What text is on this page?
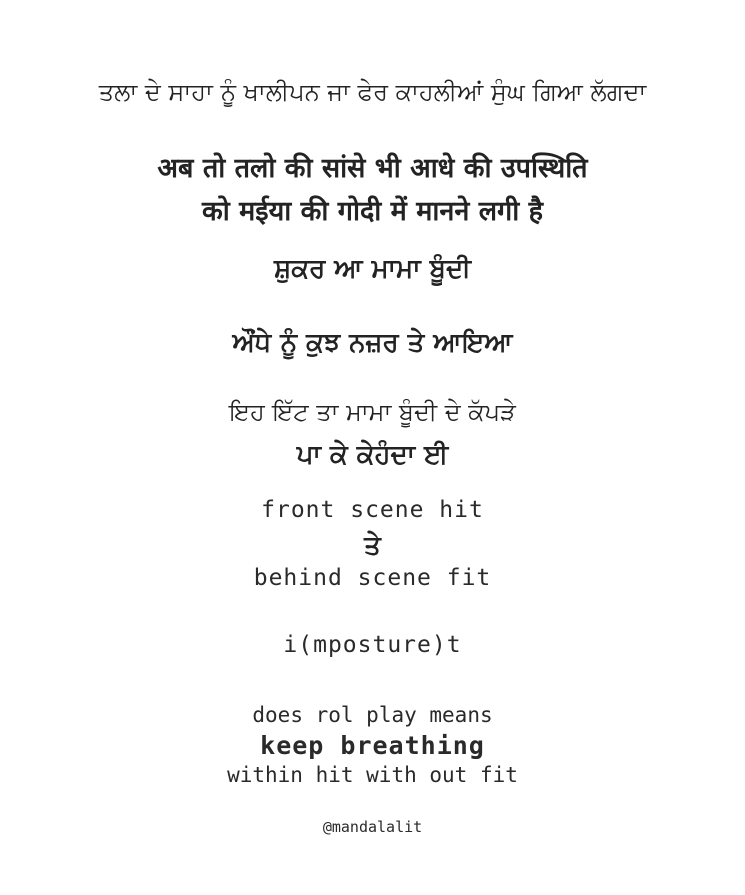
ਤਲਾ ਦੇ ਸਾਹਾ ਨੂੰ ਖਾਲੀਪਨ ਜਾ ਫੇਰ ਕਾਹਲੀਆਂ ਸੁੰਘ ਗਿਆ ਲੱਗਦਾ
अब तो तलो की सांसे भी आधे की उपस्थिति
को मईया की गोदी में मानने लगी है
ਸ਼ੁਕਰ ਆ ਮਾਮਾ ਬੂੰਦੀ
ਔਂਧੇ ਨੂੰ ਕੁਝ ਨਜ਼ਰ ਤੇ ਆਇਆ
ਇਹ ਇੱਟ ਤਾ ਮਾਮਾ ਬੂੰਦੀ ਦੇ ਕੱਪੜੇ
ਪਾ ਕੇ ਕੇਹੰਦਾ ਈ
front scene hit
ਤੇ
behind scene fit
i(mposture)t
does rol play means
keep breathing
within hit with out fit
@mandalalit
